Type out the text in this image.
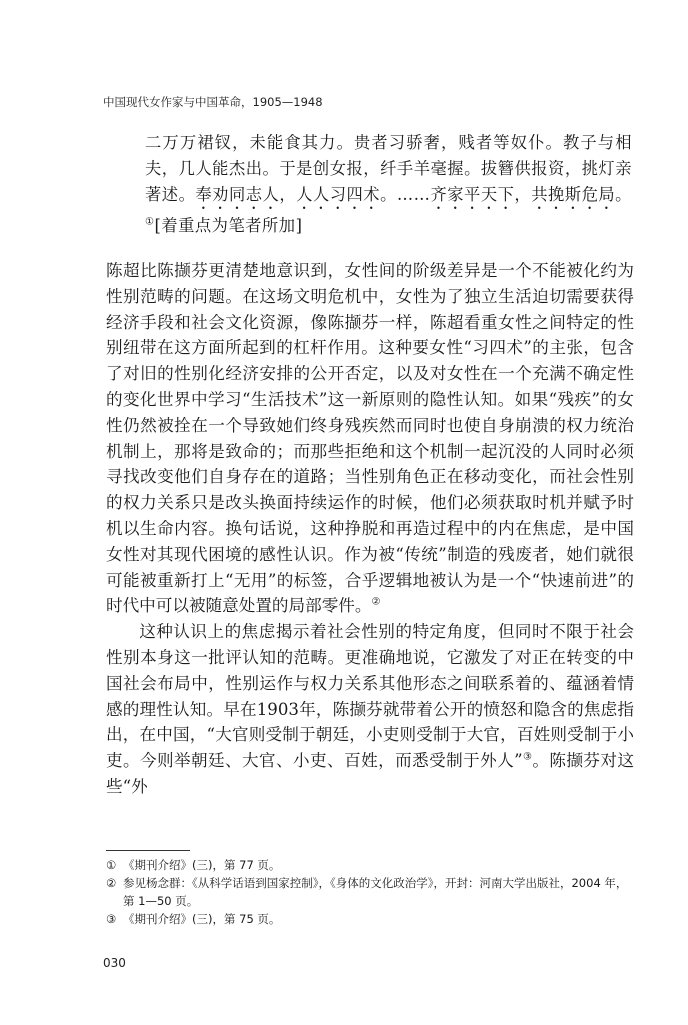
中国现代女作家与中国革命，1905—1948

二万万裙钗，未能食其力。贵者习骄奢，贱者等奴仆。教子与相夫，几人能杰出。于是创女报，纤手羊毫握。拔簪供报资，挑灯亲著述。奉劝同志人，人人习四术。……齐家平天下，共挽斯危局。①[着重点为笔者所加]

陈超比陈撷芬更清楚地意识到，女性间的阶级差异是一个不能被化约为性别范畴的问题。在这场文明危机中，女性为了独立生活迫切需要获得经济手段和社会文化资源，像陈撷芬一样，陈超看重女性之间特定的性别纽带在这方面所起到的杠杆作用。这种要女性“习四术”的主张，包含了对旧的性别化经济安排的公开否定，以及对女性在一个充满不确定性的变化世界中学习“生活技术”这一新原则的隐性认知。如果“残疾”的女性仍然被拴在一个导致她们终身残疾然而同时也使自身崩溃的权力统治机制上，那将是致命的；而那些拒绝和这个机制一起沉没的人同时必须寻找改变他们自身存在的道路；当性别角色正在移动变化，而社会性别的权力关系只是改头换面持续运作的时候，他们必须获取时机并赋予时机以生命内容。换句话说，这种挣脱和再造过程中的内在焦虑，是中国女性对其现代困境的感性认识。作为被“传统”制造的残废者，她们就很可能被重新打上“无用”的标签，合乎逻辑地被认为是一个“快速前进”的时代中可以被随意处置的局部零件。②

这种认识上的焦虑揭示着社会性别的特定角度，但同时不限于社会性别本身这一批评认知的范畴。更准确地说，它激发了对正在转变的中国社会布局中，性别运作与权力关系其他形态之间联系着的、蕴涵着情感的理性认知。早在1903年，陈撷芬就带着公开的愤怒和隐含的焦虑指出，在中国，“大官则受制于朝廷，小吏则受制于大官，百姓则受制于小吏。今则举朝廷、大官、小吏、百姓，而悉受制于外人”③。陈撷芬对这些“外

① 《期刊介绍》(三)，第 77 页。
② 参见杨念群：《从科学话语到国家控制》，《身体的文化政治学》，开封：河南大学出版社，2004 年，第 1—50 页。
③ 《期刊介绍》(三)，第 75 页。
030
